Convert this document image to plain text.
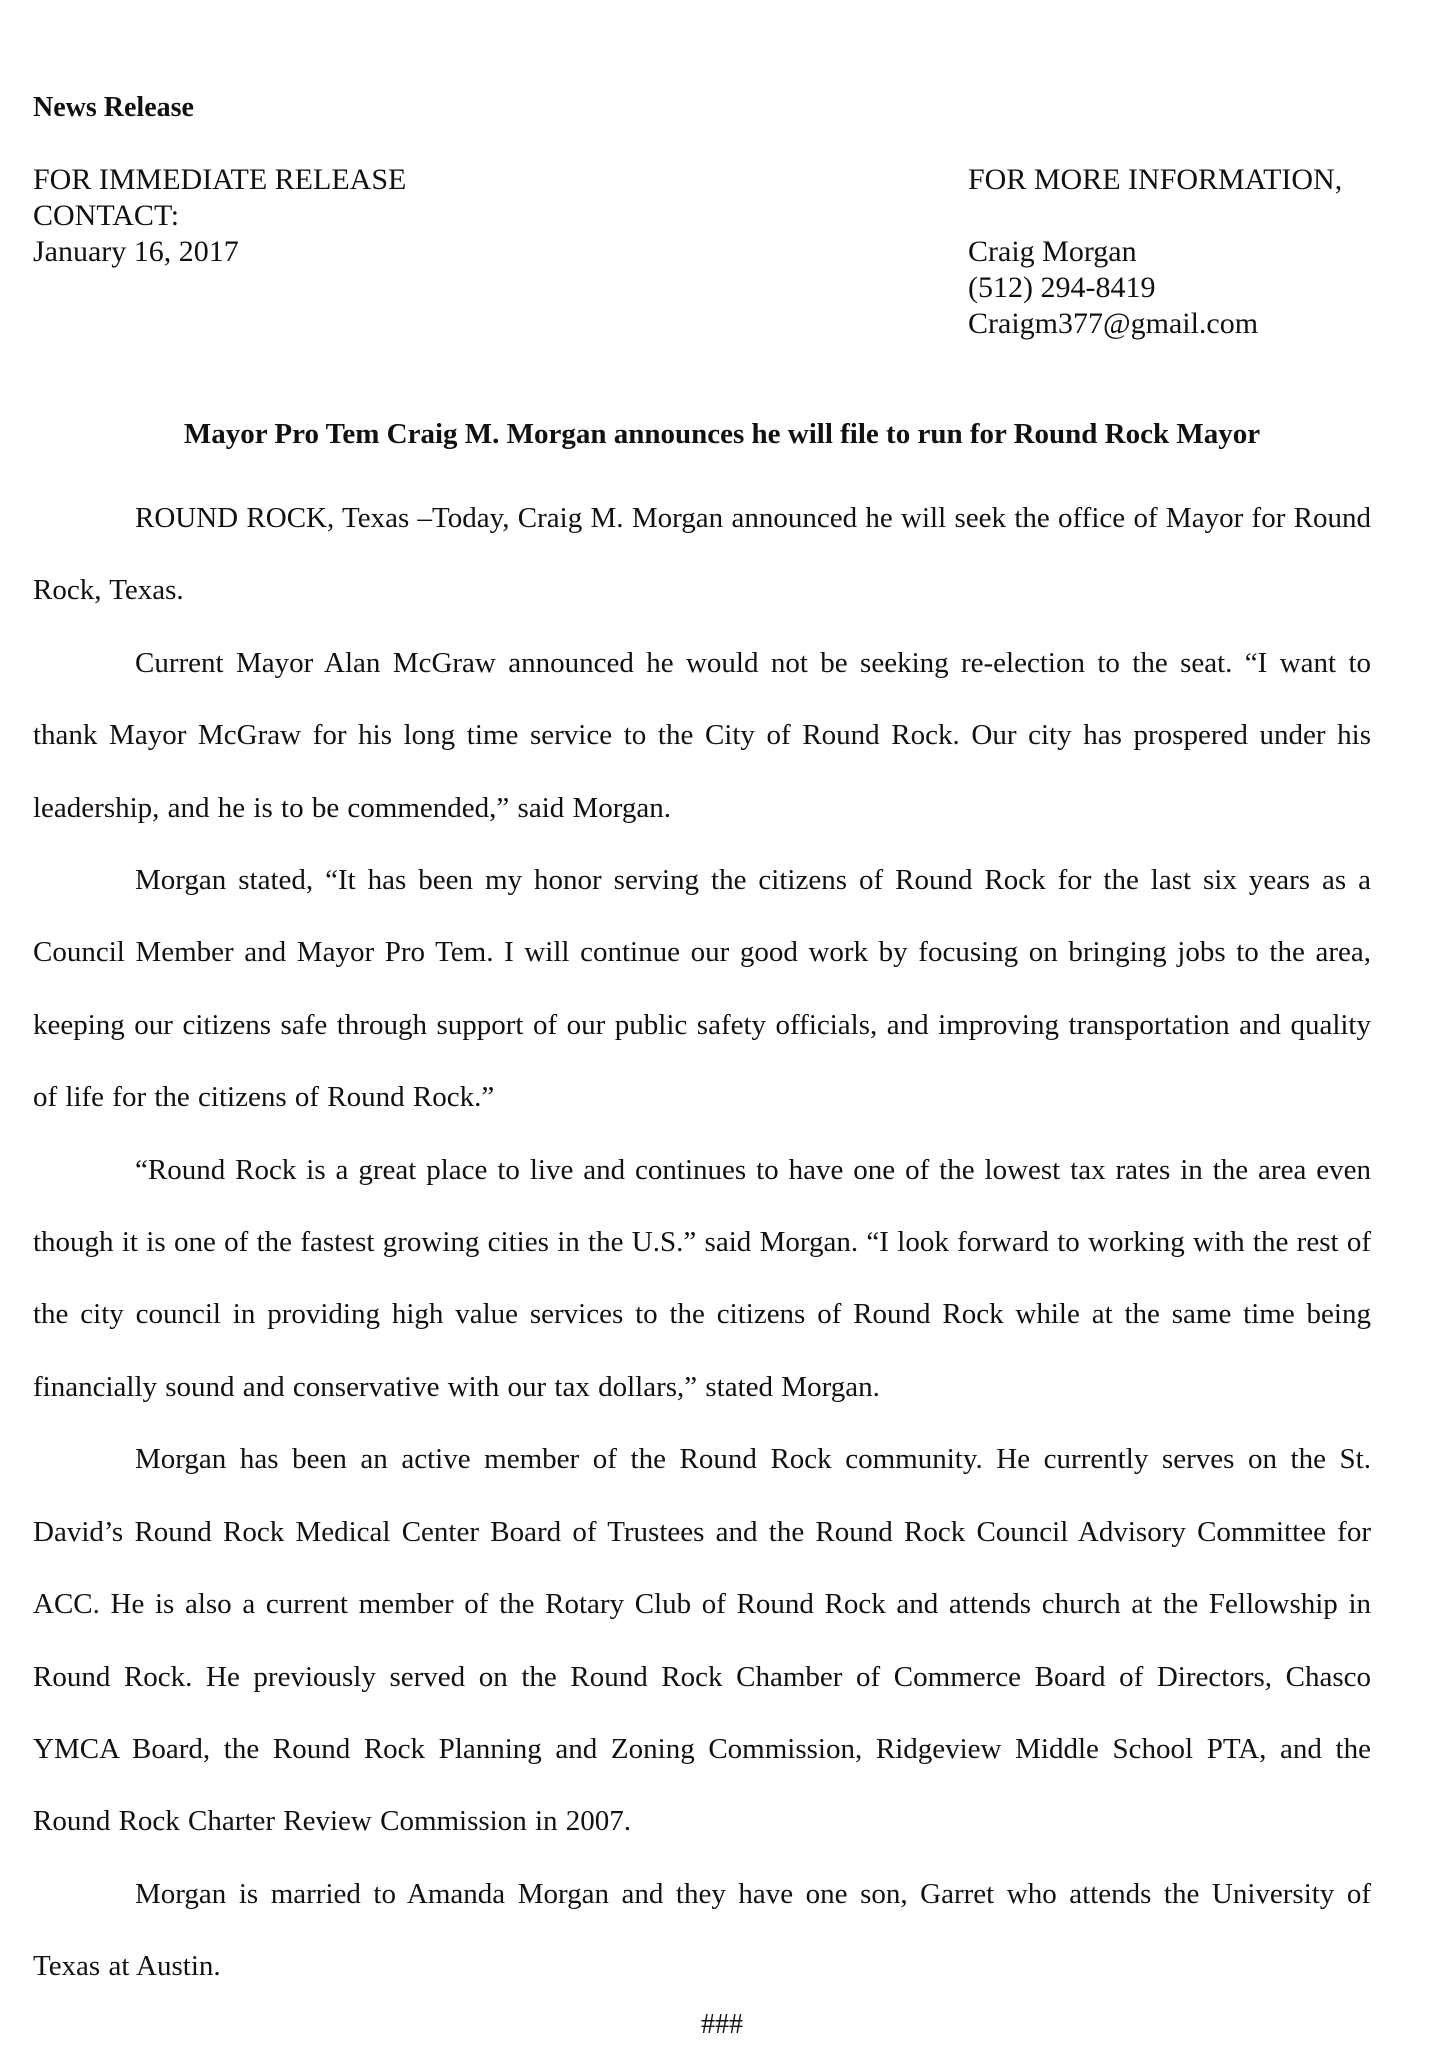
News Release
FOR IMMEDIATE RELEASE
CONTACT:
January 16, 2017
FOR MORE INFORMATION,
Craig Morgan
(512) 294-8419
Craigm377@gmail.com
Mayor Pro Tem Craig M. Morgan announces he will file to run for Round Rock Mayor

ROUND ROCK, Texas –Today, Craig M. Morgan announced he will seek the office of Mayor for Round Rock, Texas.

Current Mayor Alan McGraw announced he would not be seeking re-election to the seat. “I want to thank Mayor McGraw for his long time service to the City of Round Rock. Our city has prospered under his leadership, and he is to be commended,” said Morgan.

Morgan stated, “It has been my honor serving the citizens of Round Rock for the last six years as a Council Member and Mayor Pro Tem. I will continue our good work by focusing on bringing jobs to the area, keeping our citizens safe through support of our public safety officials, and improving transportation and quality of life for the citizens of Round Rock.”

“Round Rock is a great place to live and continues to have one of the lowest tax rates in the area even though it is one of the fastest growing cities in the U.S.” said Morgan. “I look forward to working with the rest of the city council in providing high value services to the citizens of Round Rock while at the same time being financially sound and conservative with our tax dollars,” stated Morgan.

Morgan has been an active member of the Round Rock community. He currently serves on the St. David’s Round Rock Medical Center Board of Trustees and the Round Rock Council Advisory Committee for ACC. He is also a current member of the Rotary Club of Round Rock and attends church at the Fellowship in Round Rock. He previously served on the Round Rock Chamber of Commerce Board of Directors, Chasco YMCA Board, the Round Rock Planning and Zoning Commission, Ridgeview Middle School PTA, and the Round Rock Charter Review Commission in 2007.

Morgan is married to Amanda Morgan and they have one son, Garret who attends the University of Texas at Austin.

###
